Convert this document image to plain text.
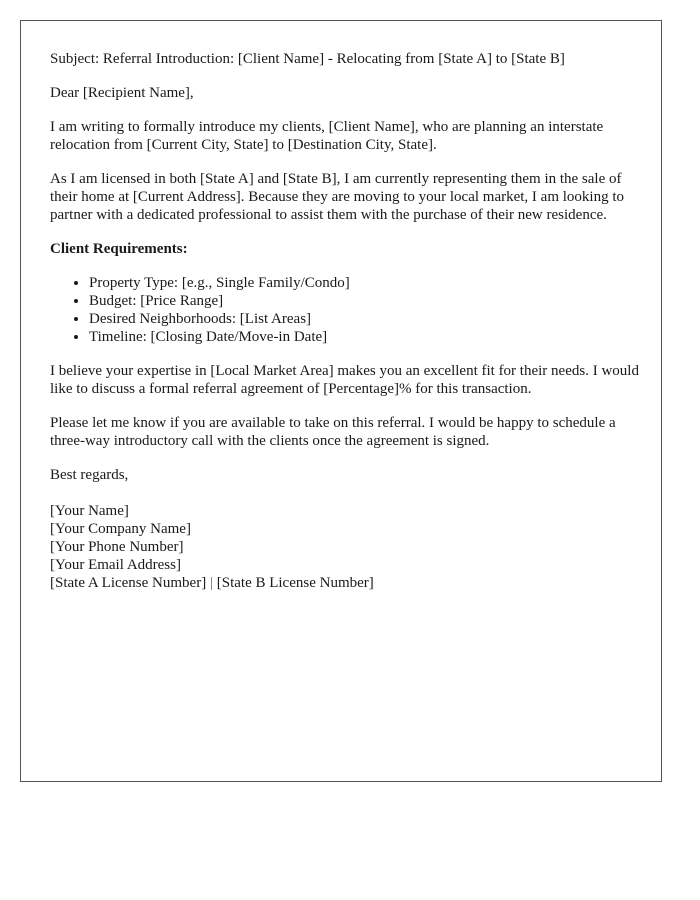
Subject: Referral Introduction: [Client Name] - Relocating from [State A] to [State B]

Dear [Recipient Name],

I am writing to formally introduce my clients, [Client Name], who are planning an interstate relocation from [Current City, State] to [Destination City, State].

As I am licensed in both [State A] and [State B], I am currently representing them in the sale of their home at [Current Address]. Because they are moving to your local market, I am looking to partner with a dedicated professional to assist them with the purchase of their new residence.

Client Requirements:
• Property Type: [e.g., Single Family/Condo]
• Budget: [Price Range]
• Desired Neighborhoods: [List Areas]
• Timeline: [Closing Date/Move-in Date]

I believe your expertise in [Local Market Area] makes you an excellent fit for their needs. I would like to discuss a formal referral agreement of [Percentage]% for this transaction.

Please let me know if you are available to take on this referral. I would be happy to schedule a three-way introductory call with the clients once the agreement is signed.

Best regards,

[Your Name]
[Your Company Name]
[Your Phone Number]
[Your Email Address]
[State A License Number] | [State B License Number]
